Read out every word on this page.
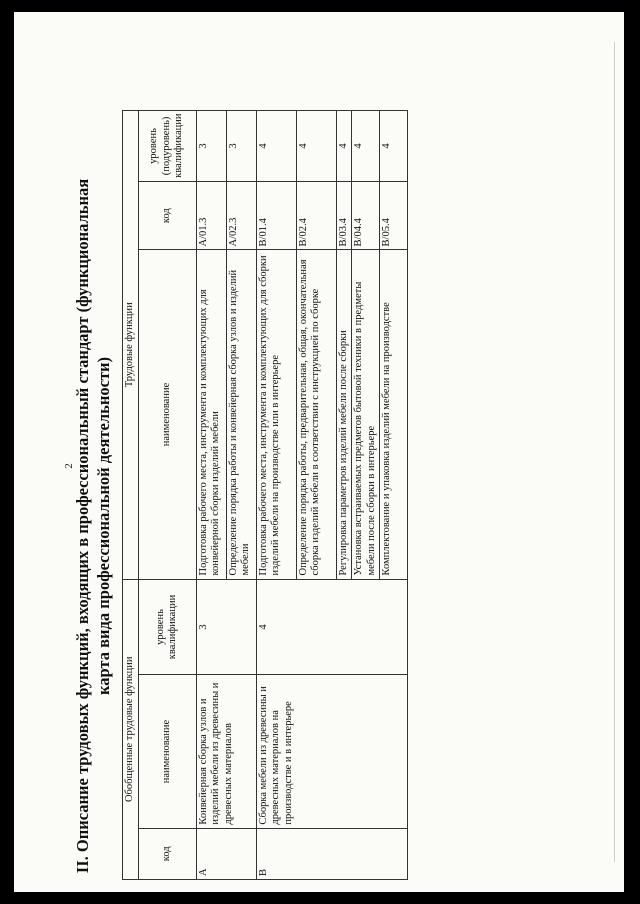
2
II. Описание трудовых функций, входящих в профессиональный стандарт (функциональная карта вида профессиональной деятельности)
Обобщенные трудовые функции			Трудовые функции		
код	наименование	уровень квалификации	наименование	код	уровень (подуровень) квалификации
A	Конвейерная сборка узлов и изделий мебели из древесины и древесных материалов	3	Подготовка рабочего места, инструмента и комплектующих для конвейерной сборки изделий мебели	A/01.3	3
			Определение порядка работы и конвейерная сборка узлов и изделий мебели	A/02.3	3
B	Сборка мебели из древесины и древесных материалов на производстве и в интерьере	4	Подготовка рабочего места, инструмента и комплектующих для сборки изделий мебели на производстве или в интерьере	B/01.4	4
			Определение порядка работы, предварительная, общая, окончательная сборка изделий мебели в соответствии с инструкцией по сборке	B/02.4	4
			Регулировка параметров изделий мебели после сборки	B/03.4	4
			Установка встраиваемых предметов бытовой техники в предметы мебели после сборки в интерьере	B/04.4	4
			Комплектование и упаковка изделий мебели на производстве	B/05.4	4
